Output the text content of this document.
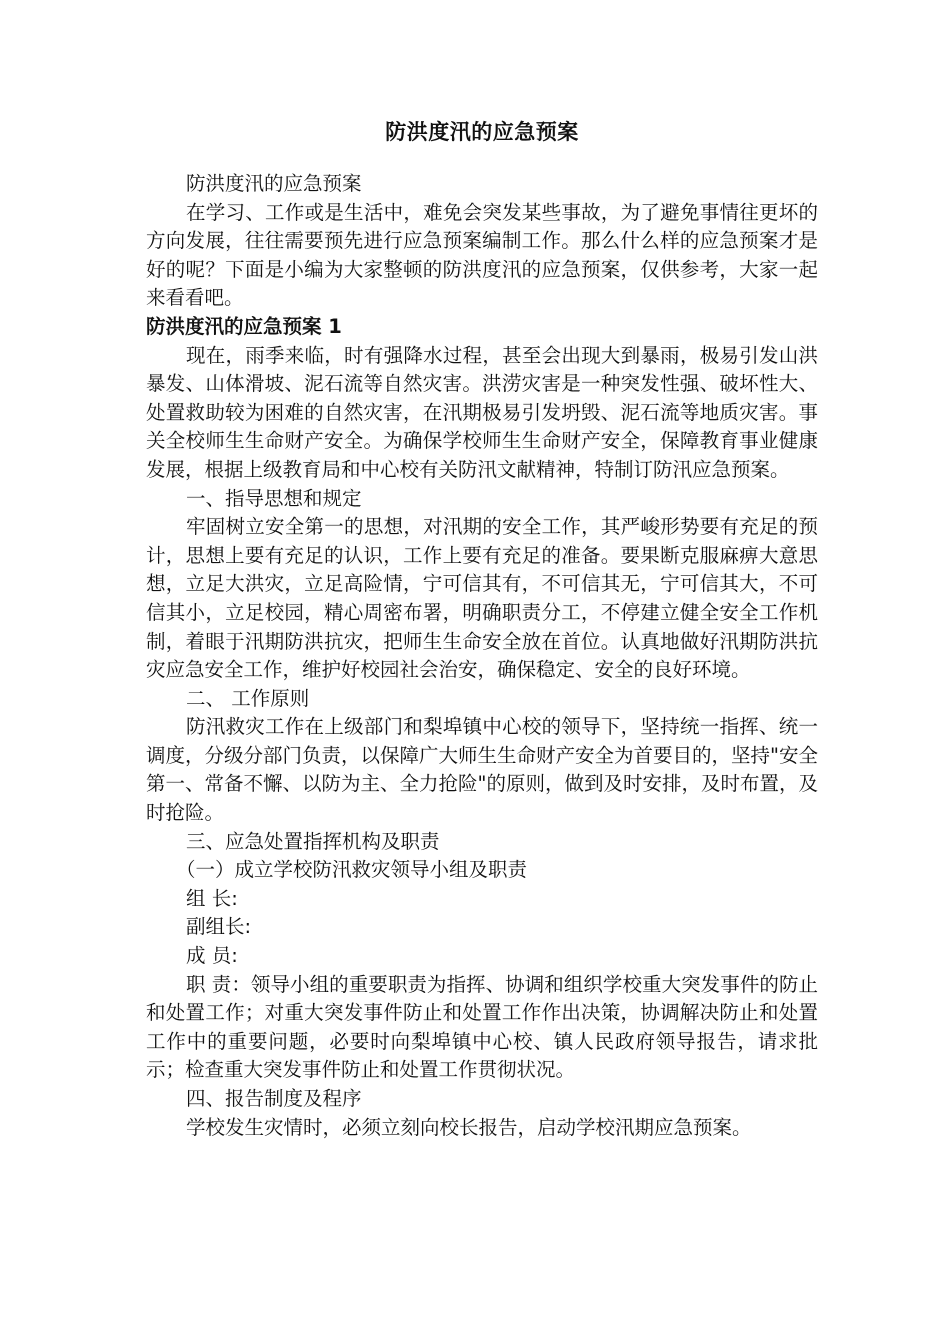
防洪度汛的应急预案

防洪度汛的应急预案

在学习、工作或是生活中，难免会突发某些事故，为了避免事情往更坏的方向发展，往往需要预先进行应急预案编制工作。那么什么样的应急预案才是好的呢？下面是小编为大家整顿的防洪度汛的应急预案，仅供参考，大家一起来看看吧。

防洪度汛的应急预案 1

现在，雨季来临，时有强降水过程，甚至会出现大到暴雨，极易引发山洪暴发、山体滑坡、泥石流等自然灾害。洪涝灾害是一种突发性强、破坏性大、处置救助较为困难的自然灾害，在汛期极易引发坍毁、泥石流等地质灾害。事关全校师生生命财产安全。为确保学校师生生命财产安全，保障教育事业健康发展，根据上级教育局和中心校有关防汛文献精神，特制订防汛应急预案。

一、指导思想和规定

牢固树立安全第一的思想，对汛期的安全工作，其严峻形势要有充足的预计，思想上要有充足的认识，工作上要有充足的准备。要果断克服麻痹大意思想，立足大洪灾，立足高险情，宁可信其有，不可信其无，宁可信其大，不可信其小，立足校园，精心周密布署，明确职责分工，不停建立健全安全工作机制，着眼于汛期防洪抗灾，把师生生命安全放在首位。认真地做好汛期防洪抗灾应急安全工作，维护好校园社会治安，确保稳定、安全的良好环境。

二、 工作原则

防汛救灾工作在上级部门和梨埠镇中心校的领导下，坚持统一指挥、统一调度，分级分部门负责，以保障广大师生生命财产安全为首要目的，坚持"安全第一、常备不懈、以防为主、全力抢险"的原则，做到及时安排，及时布置，及时抢险。

三、应急处置指挥机构及职责

（一）成立学校防汛救灾领导小组及职责

组 长:

副组长:

成 员:

职 责：领导小组的重要职责为指挥、协调和组织学校重大突发事件的防止和处置工作；对重大突发事件防止和处置工作作出决策，协调解决防止和处置工作中的重要问题，必要时向梨埠镇中心校、镇人民政府领导报告，请求批示；检查重大突发事件防止和处置工作贯彻状况。

四、报告制度及程序

学校发生灾情时，必须立刻向校长报告，启动学校汛期应急预案。
